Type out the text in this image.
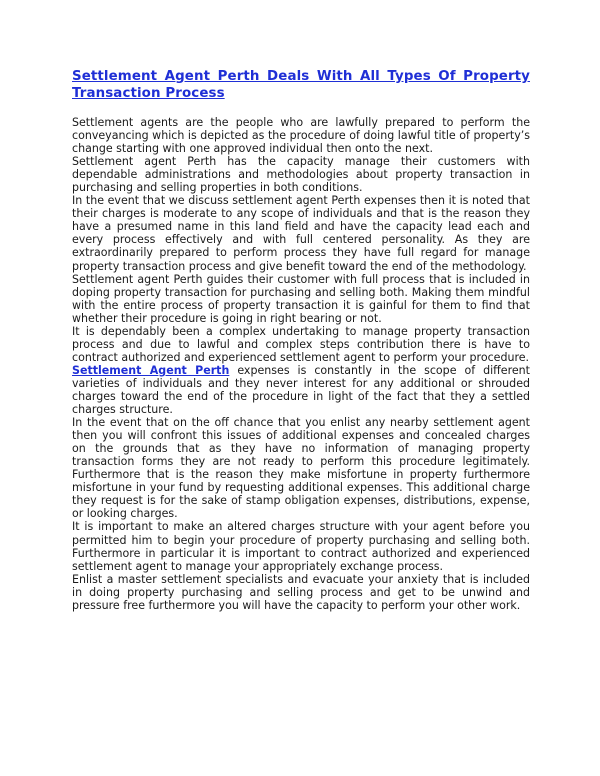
Settlement Agent Perth Deals With All Types Of Property Transaction Process

Settlement agents are the people who are lawfully prepared to perform the conveyancing which is depicted as the procedure of doing lawful title of property’s change starting with one approved individual then onto the next.

Settlement agent Perth has the capacity manage their customers with dependable administrations and methodologies about property transaction in purchasing and selling properties in both conditions.

In the event that we discuss settlement agent Perth expenses then it is noted that their charges is moderate to any scope of individuals and that is the reason they have a presumed name in this land field and have the capacity lead each and every process effectively and with full centered personality. As they are extraordinarily prepared to perform process they have full regard for manage property transaction process and give benefit toward the end of the methodology.

Settlement agent Perth guides their customer with full process that is included in doping property transaction for purchasing and selling both. Making them mindful with the entire process of property transaction it is gainful for them to find that whether their procedure is going in right bearing or not.

It is dependably been a complex undertaking to manage property transaction process and due to lawful and complex steps contribution there is have to contract authorized and experienced settlement agent to perform your procedure.

Settlement Agent Perth expenses is constantly in the scope of different varieties of individuals and they never interest for any additional or shrouded charges toward the end of the procedure in light of the fact that they a settled charges structure.

In the event that on the off chance that you enlist any nearby settlement agent then you will confront this issues of additional expenses and concealed charges on the grounds that as they have no information of managing property transaction forms they are not ready to perform this procedure legitimately. Furthermore that is the reason they make misfortune in property furthermore misfortune in your fund by requesting additional expenses. This additional charge they request is for the sake of stamp obligation expenses, distributions, expense, or looking charges.

It is important to make an altered charges structure with your agent before you permitted him to begin your procedure of property purchasing and selling both. Furthermore in particular it is important to contract authorized and experienced settlement agent to manage your appropriately exchange process.

Enlist a master settlement specialists and evacuate your anxiety that is included in doing property purchasing and selling process and get to be unwind and pressure free furthermore you will have the capacity to perform your other work.
